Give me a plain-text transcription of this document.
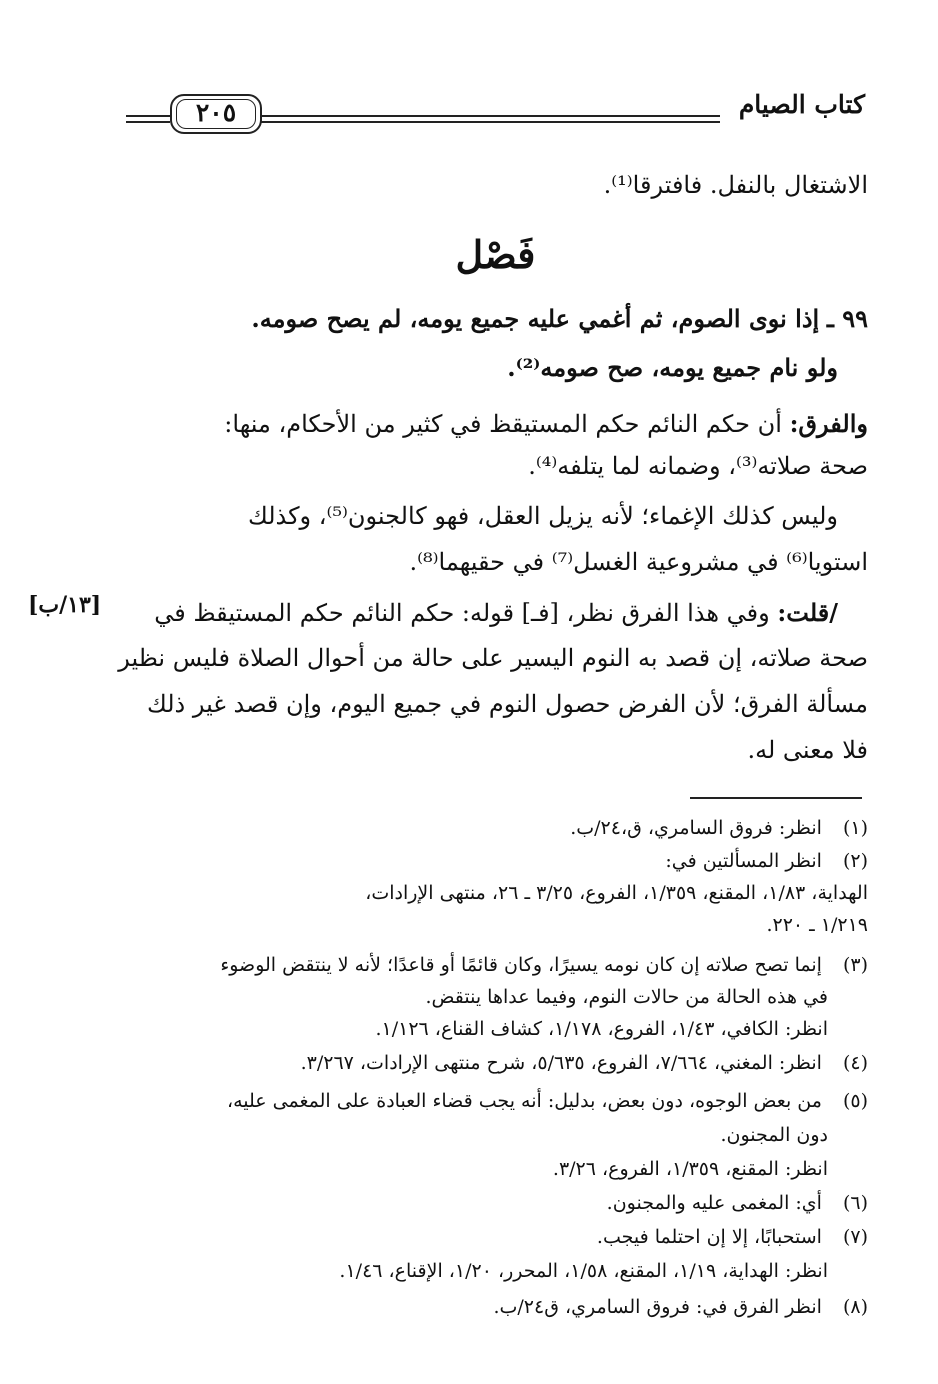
٢٠٥	كتاب الصيام
الاشتغال بالنفل. فافترقا⁽¹⁾.
فَصْل
٩٩ ـ إذا نوى الصوم، ثم أغمي عليه جميع يومه، لم يصح صومه.
ولو نام جميع يومه، صح صومه⁽²⁾.
والفرق: أن حكم النائم حكم المستيقظ في كثير من الأحكام، منها:
صحة صلاته⁽³⁾، وضمانه لما يتلفه⁽⁴⁾.
وليس كذلك الإغماء؛ لأنه يزيل العقل، فهو كالجنون⁽⁵⁾، وكذلك
استويا⁽⁶⁾ في مشروعية الغسل⁽⁷⁾ في حقيهما⁽⁸⁾.
[١٣/ب]	/قلت: وفي هذا الفرق نظر، [فـ] قوله: حكم النائم حكم المستيقظ في
صحة صلاته، إن قصد به النوم اليسير على حالة من أحوال الصلاة فليس نظير
مسألة الفرق؛ لأن الفرض حصول النوم في جميع اليوم، وإن قصد غير ذلك
فلا معنى له.
(١) انظر: فروق السامري، ق،٢٤/ب.
(٢) انظر المسألتين في:
الهداية، ١/٨٣، المقنع، ١/٣٥٩، الفروع، ٣/٢٥ ـ ٢٦، منتهى الإرادات،
١/٢١٩ ـ ٢٢٠.
(٣) إنما تصح صلاته إن كان نومه يسيرًا، وكان قائمًا أو قاعدًا؛ لأنه لا ينتقض الوضوء
في هذه الحالة من حالات النوم، وفيما عداها ينتقض.
انظر: الكافي، ١/٤٣، الفروع، ١/١٧٨، كشاف القناع، ١/١٢٦.
(٤) انظر: المغني، ٧/٦٦٤، الفروع، ٥/٦٣٥، شرح منتهى الإرادات، ٣/٢٦٧.
(٥) من بعض الوجوه، دون بعض، بدليل: أنه يجب قضاء العبادة على المغمى عليه،
دون المجنون.
انظر: المقنع، ١/٣٥٩، الفروع، ٣/٢٦.
(٦) أي: المغمى عليه والمجنون.
(٧) استحبابًا، إلا إن احتلما فيجب.
انظر: الهداية، ١/١٩، المقنع، ١/٥٨، المحرر، ١/٢٠، الإقناع، ١/٤٦.
(٨) انظر الفرق في: فروق السامري، ق٢٤/ب.
